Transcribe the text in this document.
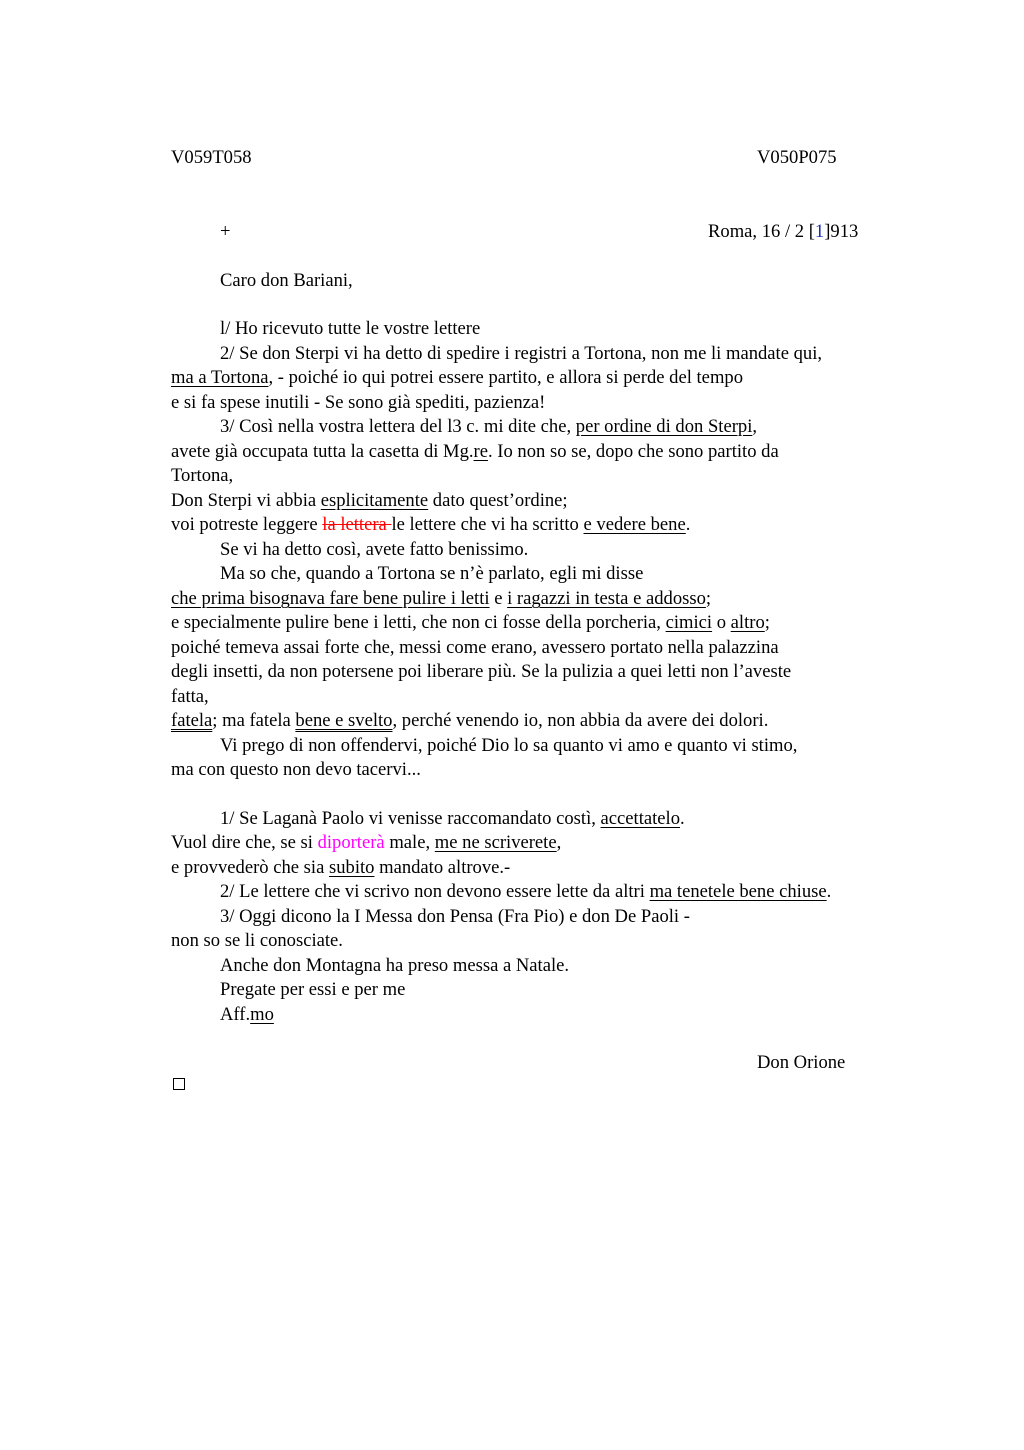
V059T058	V050P075
+	Roma, 16 / 2 [1]913
Caro don Bariani,
l/ Ho ricevuto tutte le vostre lettere
2/ Se don Sterpi vi ha detto di spedire i registri a Tortona, non me li mandate qui,
ma a Tortona, - poiché io qui potrei essere partito, e allora si perde del tempo
e si fa spese inutili - Se sono già spediti, pazienza!
3/ Così nella vostra lettera del l3 c. mi dite che, per ordine di don Sterpi,
avete già occupata tutta la casetta di Mg.re. Io non so se, dopo che sono partito da
Tortona,
Don Sterpi vi abbia esplicitamente dato quest’ordine;
voi potreste leggere la lettera le lettere che vi ha scritto e vedere bene.
Se vi ha detto così, avete fatto benissimo.
Ma so che, quando a Tortona se n’è parlato, egli mi disse
che prima bisognava fare bene pulire i letti e i ragazzi in testa e addosso;
e specialmente pulire bene i letti, che non ci fosse della porcheria, cimici o altro;
poiché temeva assai forte che, messi come erano, avessero portato nella palazzina
degli insetti, da non potersene poi liberare più. Se la pulizia a quei letti non l’aveste
fatta,
fatela; ma fatela bene e svelto, perché venendo io, non abbia da avere dei dolori.
Vi prego di non offendervi, poiché Dio lo sa quanto vi amo e quanto vi stimo,
ma con questo non devo tacervi...
1/ Se Laganà Paolo vi venisse raccomandato costì, accettatelo.
Vuol dire che, se si diporterà male, me ne scriverete,
e provvederò che sia subito mandato altrove.-
2/ Le lettere che vi scrivo non devono essere lette da altri ma tenetele bene chiuse.
3/ Oggi dicono la I Messa don Pensa (Fra Pio) e don De Paoli -
non so se li conosciate.
Anche don Montagna ha preso messa a Natale.
Pregate per essi e per me
Aff.mo
Don Orione
